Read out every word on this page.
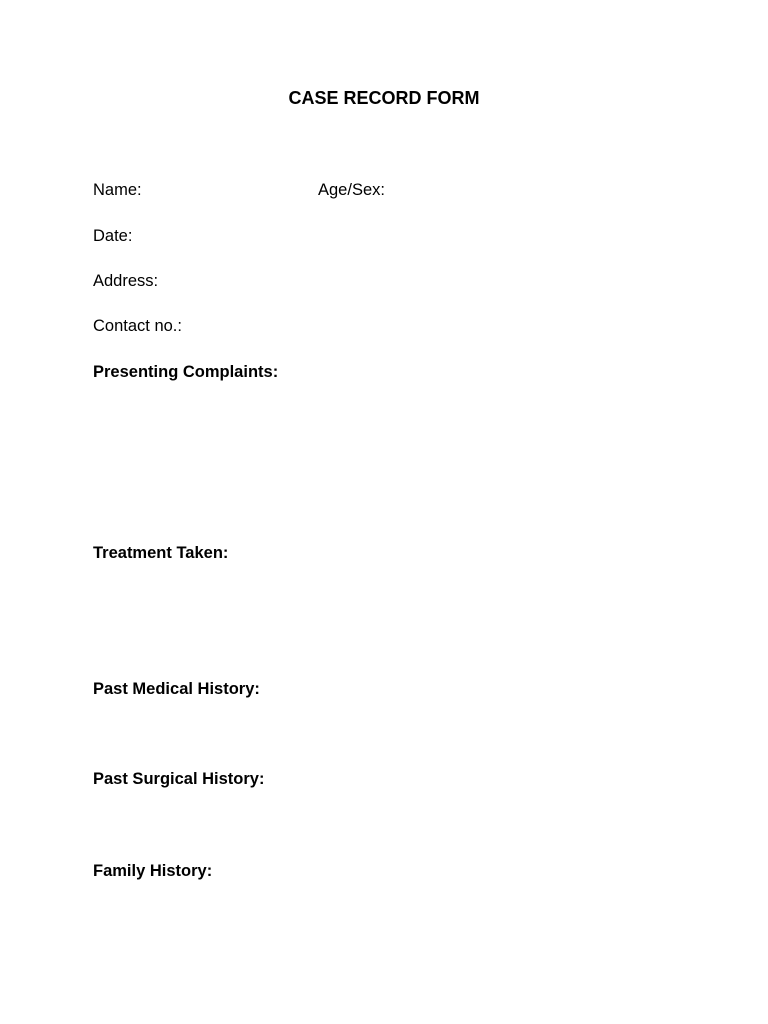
CASE RECORD FORM
Name:	Age/Sex:
Date:
Address:
Contact no.:
Presenting Complaints:
Treatment Taken:
Past Medical History:
Past Surgical History:
Family History:
